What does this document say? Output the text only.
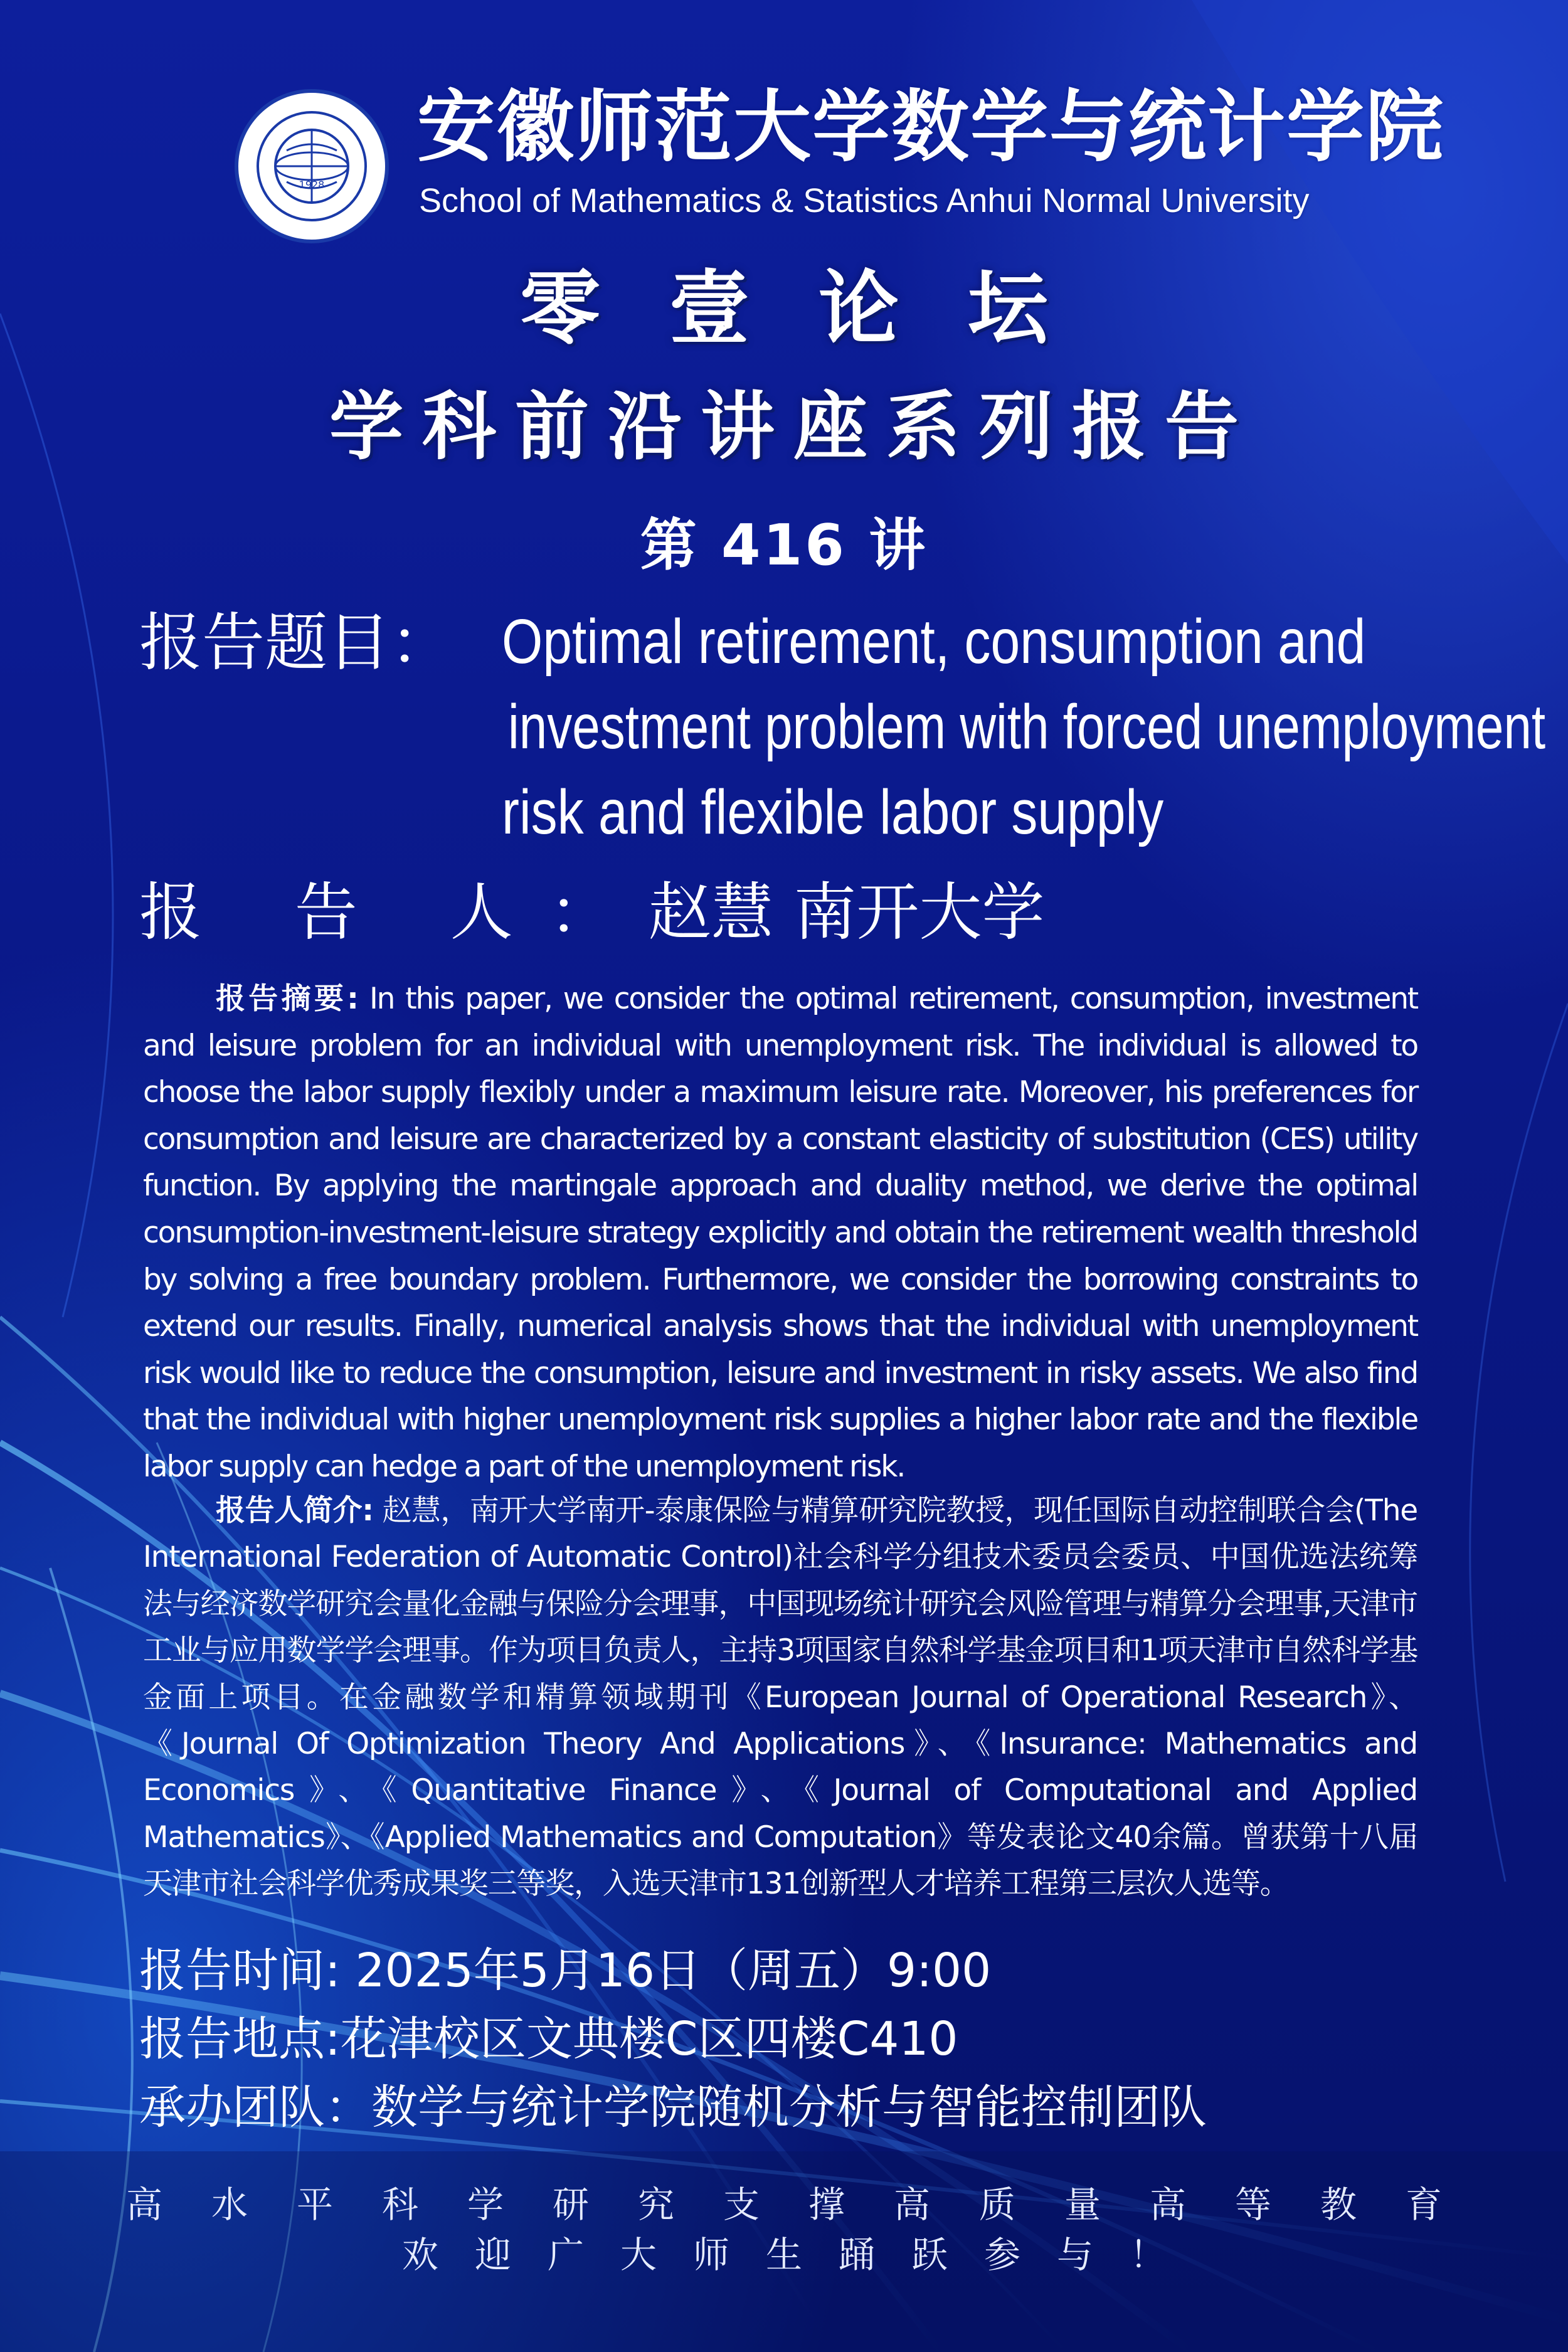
1928
安徽师范大学数学与统计学院
School of Mathematics & Statistics Anhui Normal University
零壹论坛
学科前沿讲座系列报告
第 416 讲
报告题目： Optimal retirement, consumption and
investment problem with forced unemployment
risk and flexible labor supply
报 告 人：赵慧 南开大学
报告摘要: In this paper, we consider the optimal retirement, consumption, investment and leisure problem for an individual with unemployment risk. The individual is allowed to choose the labor supply flexibly under a maximum leisure rate. Moreover, his preferences for consumption and leisure are characterized by a constant elasticity of substitution (CES) utility function. By applying the martingale approach and duality method, we derive the optimal consumption-investment-leisure strategy explicitly and obtain the retirement wealth threshold by solving a free boundary problem. Furthermore, we consider the borrowing constraints to extend our results. Finally, numerical analysis shows that the individual with unemployment risk would like to reduce the consumption, leisure and investment in risky assets. We also find that the individual with higher unemployment risk supplies a higher labor rate and the flexible labor supply can hedge a part of the unemployment risk.
报告人简介: 赵慧，南开大学南开-泰康保险与精算研究院教授，现任国际自动控制联合会(The International Federation of Automatic Control)社会科学分组技术委员会委员、中国优选法统筹法与经济数学研究会量化金融与保险分会理事，中国现场统计研究会风险管理与精算分会理事,天津市工业与应用数学学会理事。作为项目负责人，主持3项国家自然科学基金项目和1项天津市自然科学基金面上项目。在金融数学和精算领域期刊《European Journal of Operational Research》、《Journal Of Optimization Theory And Applications》、《Insurance: Mathematics and Economics》、《Quantitative Finance》、《Journal of Computational and Applied Mathematics》、《Applied Mathematics and Computation》等发表论文40余篇。曾获第十八届天津市社会科学优秀成果奖三等奖，入选天津市131创新型人才培养工程第三层次人选等。
报告时间: 2025年5月16日（周五）9:00
报告地点:花津校区文典楼C区四楼C410
承办团队：数学与统计学院随机分析与智能控制团队
高水平科学研究支撑高质量高等教育
欢迎广大师生踊跃参与！
